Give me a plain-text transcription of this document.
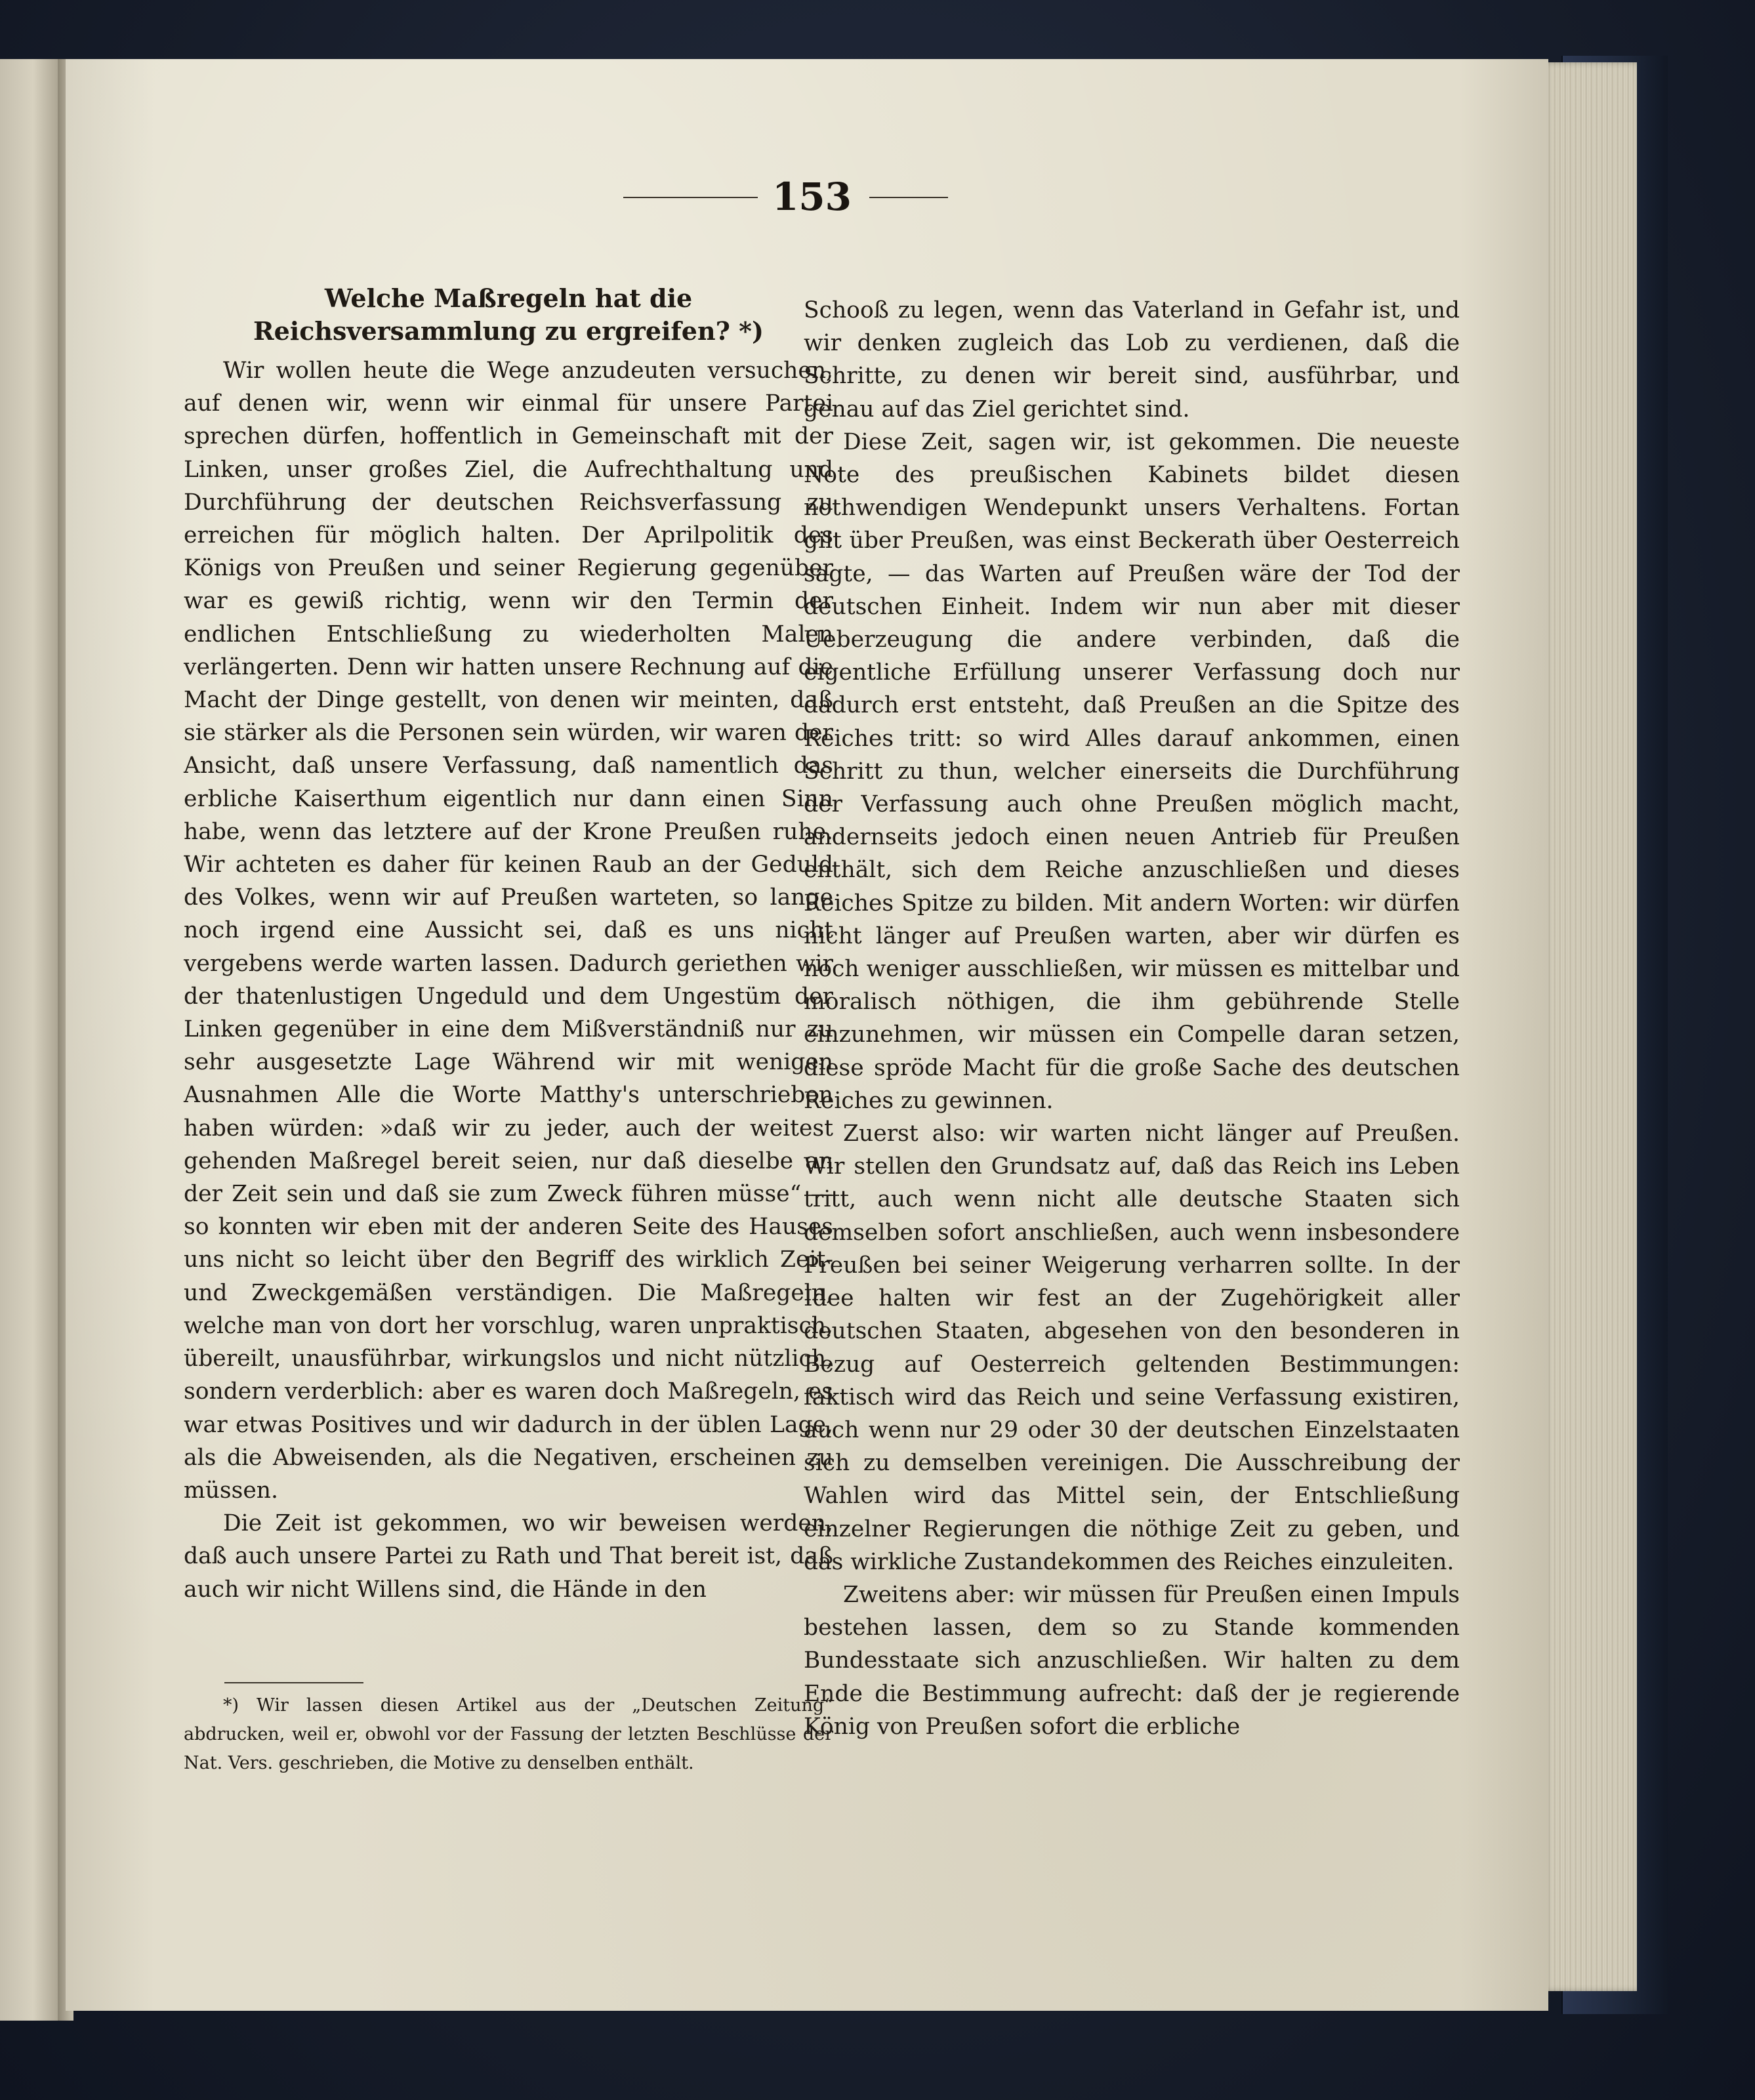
153
Welche Maßregeln hat die Reichsversammlung zu ergreifen? *)

Wir wollen heute die Wege anzudeuten versuchen, auf denen wir, wenn wir einmal für unsere Partei sprechen dürfen, hoffentlich in Gemeinschaft mit der Linken, unser großes Ziel, die Aufrechthaltung und Durchführung der deutschen Reichsverfassung zu erreichen für möglich halten. Der Aprilpolitik des Königs von Preußen und seiner Regierung gegenüber war es gewiß richtig, wenn wir den Termin der endlichen Entschließung zu wiederholten Malen verlängerten. Denn wir hatten unsere Rechnung auf die Macht der Dinge gestellt, von denen wir meinten, daß sie stärker als die Personen sein würden, wir waren der Ansicht, daß unsere Verfassung, daß namentlich das erbliche Kaiserthum eigentlich nur dann einen Sinn habe, wenn das letztere auf der Krone Preußen ruhe. Wir achteten es daher für keinen Raub an der Geduld des Volkes, wenn wir auf Preußen warteten, so lange noch irgend eine Aussicht sei, daß es uns nicht vergebens werde warten lassen. Dadurch geriethen wir der thatenlustigen Ungeduld und dem Ungestüm der Linken gegenüber in eine dem Mißverständniß nur zu sehr ausgesetzte Lage Während wir mit wenigen Ausnahmen Alle die Worte Matthy's unterschrieben haben würden: »daß wir zu jeder, auch der weitest gehenden Maßregel bereit seien, nur daß dieselbe an der Zeit sein und daß sie zum Zweck führen müsse“ — so konnten wir eben mit der anderen Seite des Hauses uns nicht so leicht über den Begriff des wirklich Zeit- und Zweckgemäßen verständigen. Die Maßregeln, welche man von dort her vorschlug, waren unpraktisch, übereilt, unausführbar, wirkungslos und nicht nützlich, sondern verderblich: aber es waren doch Maßregeln, es war etwas Positives und wir dadurch in der üblen Lage, als die Abweisenden, als die Negativen, erscheinen zu müssen.

Die Zeit ist gekommen, wo wir beweisen werden, daß auch unsere Partei zu Rath und That bereit ist, daß auch wir nicht Willens sind, die Hände in den

*) Wir lassen diesen Artikel aus der „Deutschen Zeitung“ abdrucken, weil er, obwohl vor der Fassung der letzten Beschlüsse der Nat. Vers. geschrieben, die Motive zu denselben enthält.

Schooß zu legen, wenn das Vaterland in Gefahr ist, und wir denken zugleich das Lob zu verdienen, daß die Schritte, zu denen wir bereit sind, ausführbar, und genau auf das Ziel gerichtet sind.

Diese Zeit, sagen wir, ist gekommen. Die neueste Note des preußischen Kabinets bildet diesen nothwendigen Wendepunkt unsers Verhaltens. Fortan gilt über Preußen, was einst Beckerath über Oesterreich sagte, — das Warten auf Preußen wäre der Tod der deutschen Einheit. Indem wir nun aber mit dieser Ueberzeugung die andere verbinden, daß die eigentliche Erfüllung unserer Verfassung doch nur dadurch erst entsteht, daß Preußen an die Spitze des Reiches tritt: so wird Alles darauf ankommen, einen Schritt zu thun, welcher einerseits die Durchführung der Verfassung auch ohne Preußen möglich macht, andernseits jedoch einen neuen Antrieb für Preußen enthält, sich dem Reiche anzuschließen und dieses Reiches Spitze zu bilden. Mit andern Worten: wir dürfen nicht länger auf Preußen warten, aber wir dürfen es noch weniger ausschließen, wir müssen es mittelbar und moralisch nöthigen, die ihm gebührende Stelle einzunehmen, wir müssen ein Compelle daran setzen, diese spröde Macht für die große Sache des deutschen Reiches zu gewinnen.

Zuerst also: wir warten nicht länger auf Preußen. Wir stellen den Grundsatz auf, daß das Reich ins Leben tritt, auch wenn nicht alle deutsche Staaten sich demselben sofort anschließen, auch wenn insbesondere Preußen bei seiner Weigerung verharren sollte. In der Idee halten wir fest an der Zugehörigkeit aller deutschen Staaten, abgesehen von den besonderen in Bezug auf Oesterreich geltenden Bestimmungen: faktisch wird das Reich und seine Verfassung existiren, auch wenn nur 29 oder 30 der deutschen Einzelstaaten sich zu demselben vereinigen. Die Ausschreibung der Wahlen wird das Mittel sein, der Entschließung einzelner Regierungen die nöthige Zeit zu geben, und das wirkliche Zustandekommen des Reiches einzuleiten.

Zweitens aber: wir müssen für Preußen einen Impuls bestehen lassen, dem so zu Stande kommenden Bundesstaate sich anzuschließen. Wir halten zu dem Ende die Bestimmung aufrecht: daß der je regierende König von Preußen sofort die erbliche
